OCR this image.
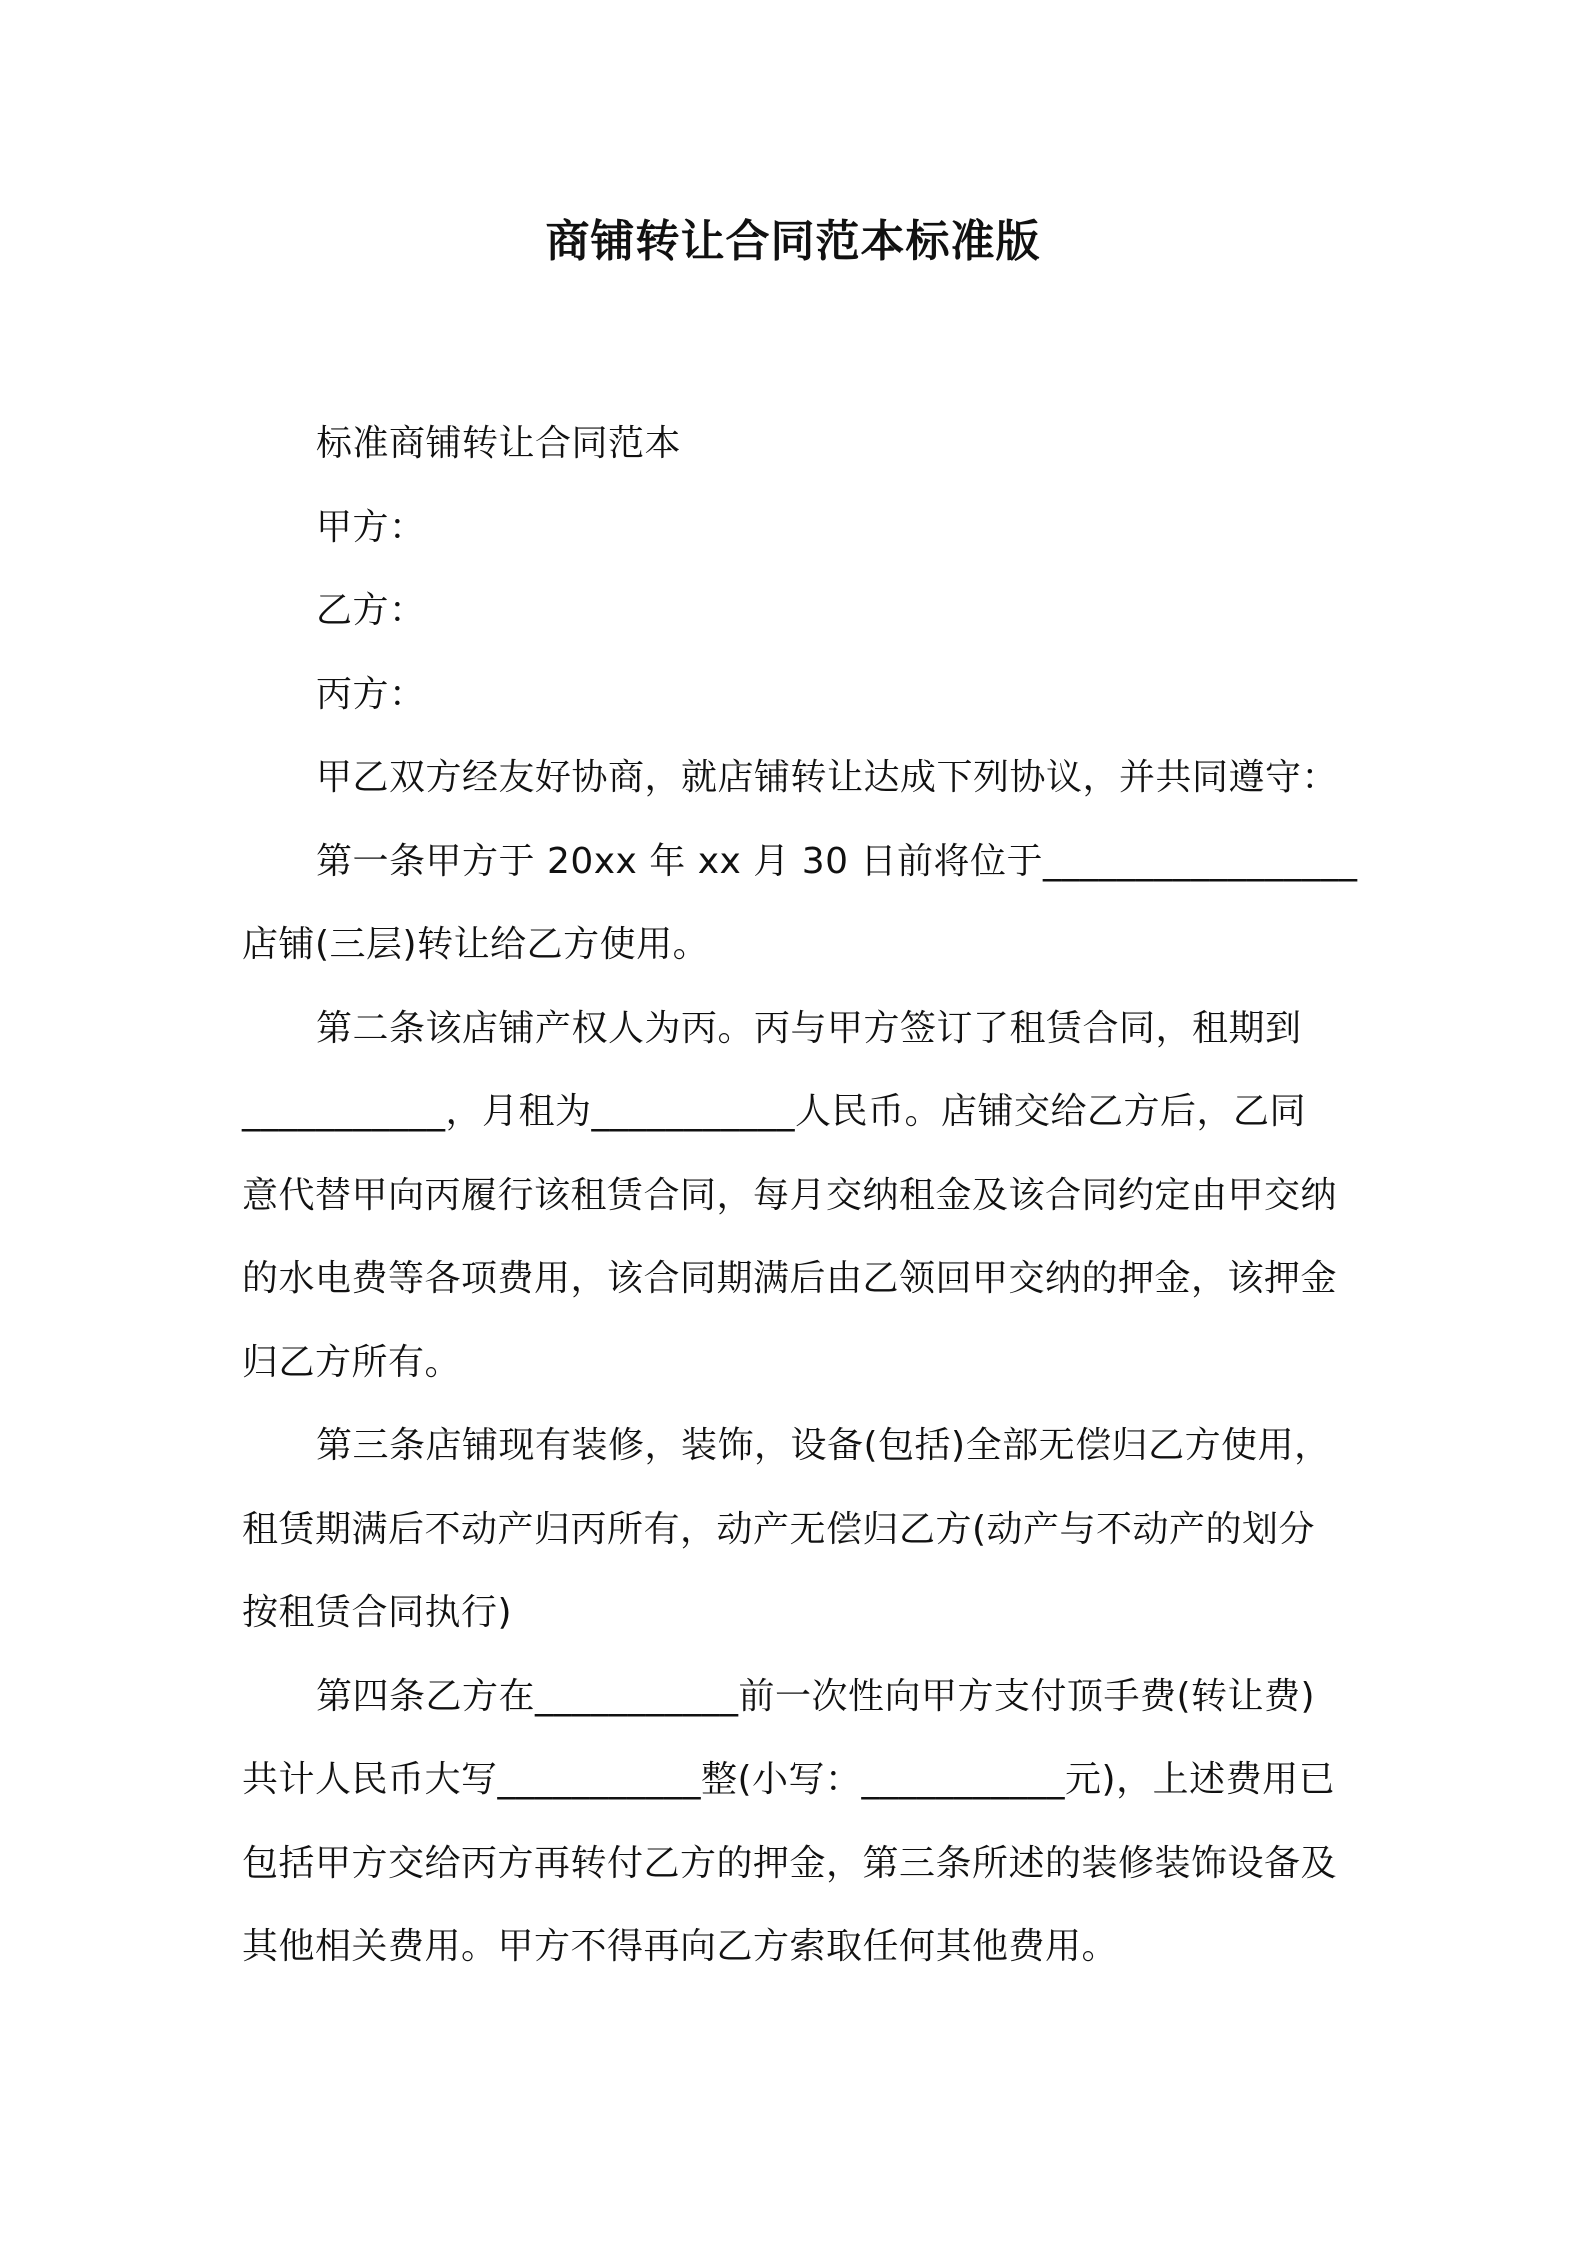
商铺转让合同范本标准版
标准商铺转让合同范本
甲方：
乙方：
丙方：
甲乙双方经友好协商，就店铺转让达成下列协议，并共同遵守：
第一条甲方于 20xx 年 xx 月 30 日前将位于_________________
店铺(三层)转让给乙方使用。
第二条该店铺产权人为丙。丙与甲方签订了租赁合同，租期到
___________，月租为___________人民币。店铺交给乙方后，乙同
意代替甲向丙履行该租赁合同，每月交纳租金及该合同约定由甲交纳
的水电费等各项费用，该合同期满后由乙领回甲交纳的押金，该押金
归乙方所有。
第三条店铺现有装修，装饰，设备(包括)全部无偿归乙方使用，
租赁期满后不动产归丙所有，动产无偿归乙方(动产与不动产的划分
按租赁合同执行)
第四条乙方在___________前一次性向甲方支付顶手费(转让费)
共计人民币大写___________整(小写：___________元)，上述费用已
包括甲方交给丙方再转付乙方的押金，第三条所述的装修装饰设备及
其他相关费用。甲方不得再向乙方索取任何其他费用。
